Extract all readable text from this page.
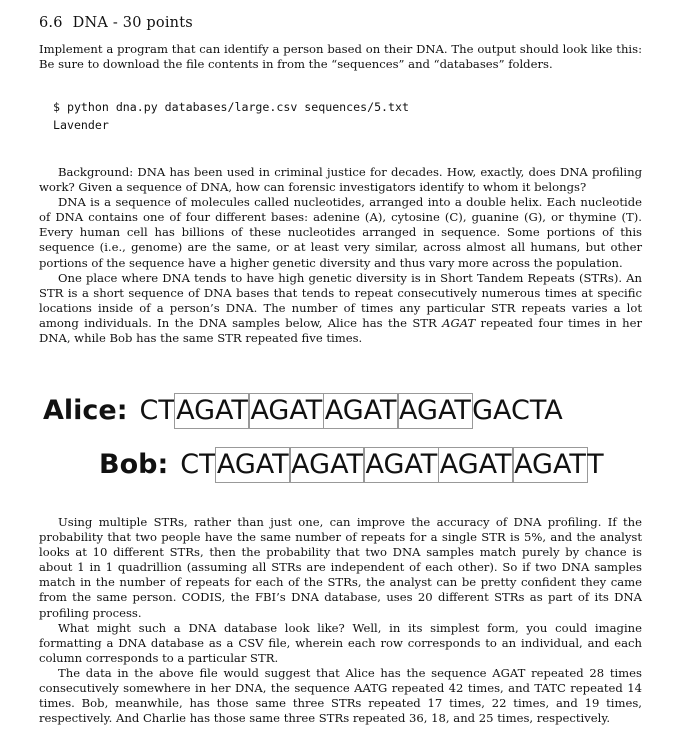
6.6 DNA - 30 points

Implement a program that can identify a person based on their DNA. The output should look like this: Be sure to download the file contents in from the “sequences” and “databases” folders.

$ python dna.py databases/large.csv sequences/5.txt
Lavender

Background: DNA has been used in criminal justice for decades. How, exactly, does DNA profiling work? Given a sequence of DNA, how can forensic investigators identify to whom it belongs?

DNA is a sequence of molecules called nucleotides, arranged into a double helix. Each nucleotide of DNA contains one of four different bases: adenine (A), cytosine (C), guanine (G), or thymine (T). Every human cell has billions of these nucleotides arranged in sequence. Some portions of this sequence (i.e., genome) are the same, or at least very similar, across almost all humans, but other portions of the sequence have a higher genetic diversity and thus vary more across the population.

One place where DNA tends to have high genetic diversity is in Short Tandem Repeats (STRs). An STR is a short sequence of DNA bases that tends to repeat consecutively numerous times at specific locations inside of a person’s DNA. The number of times any particular STR repeats varies a lot among individuals. In the DNA samples below, Alice has the STR AGAT repeated four times in her DNA, while Bob has the same STR repeated five times.

Alice: CTAGATAGATAGATAGATGACTA
Bob: CTAGATAGATAGATAGATAGATT

Using multiple STRs, rather than just one, can improve the accuracy of DNA profiling. If the probability that two people have the same number of repeats for a single STR is 5%, and the analyst looks at 10 different STRs, then the probability that two DNA samples match purely by chance is about 1 in 1 quadrillion (assuming all STRs are independent of each other). So if two DNA samples match in the number of repeats for each of the STRs, the analyst can be pretty confident they came from the same person. CODIS, the FBI’s DNA database, uses 20 different STRs as part of its DNA profiling process.

What might such a DNA database look like? Well, in its simplest form, you could imagine formatting a DNA database as a CSV file, wherein each row corresponds to an individual, and each column corresponds to a particular STR.

The data in the above file would suggest that Alice has the sequence AGAT repeated 28 times consecutively somewhere in her DNA, the sequence AATG repeated 42 times, and TATC repeated 14 times. Bob, meanwhile, has those same three STRs repeated 17 times, 22 times, and 19 times, respectively. And Charlie has those same three STRs repeated 36, 18, and 25 times, respectively.
